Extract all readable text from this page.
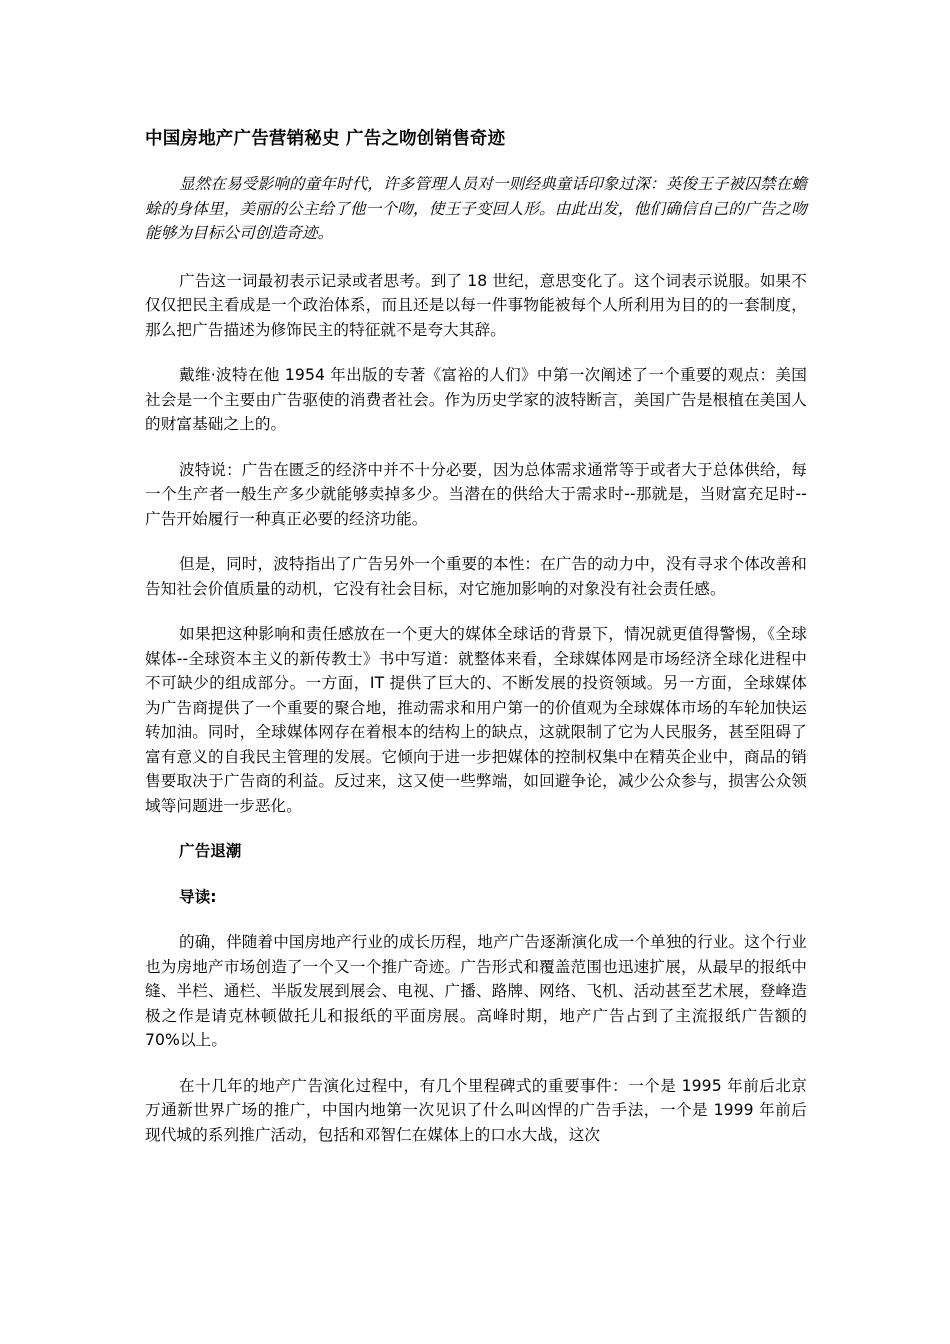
中国房地产广告营销秘史 广告之吻创销售奇迹

显然在易受影响的童年时代，许多管理人员对一则经典童话印象过深：英俊王子被囚禁在蟾蜍的身体里，美丽的公主给了他一个吻，使王子变回人形。由此出发，他们确信自己的广告之吻能够为目标公司创造奇迹。

广告这一词最初表示记录或者思考。到了 18 世纪，意思变化了。这个词表示说服。如果不仅仅把民主看成是一个政治体系，而且还是以每一件事物能被每个人所利用为目的的一套制度，那么把广告描述为修饰民主的特征就不是夸大其辞。

戴维·波特在他 1954 年出版的专著《富裕的人们》中第一次阐述了一个重要的观点：美国社会是一个主要由广告驱使的消费者社会。作为历史学家的波特断言，美国广告是根植在美国人的财富基础之上的。

波特说：广告在匮乏的经济中并不十分必要，因为总体需求通常等于或者大于总体供给，每一个生产者一般生产多少就能够卖掉多少。当潜在的供给大于需求时--那就是，当财富充足时--广告开始履行一种真正必要的经济功能。

但是，同时，波特指出了广告另外一个重要的本性：在广告的动力中，没有寻求个体改善和告知社会价值质量的动机，它没有社会目标，对它施加影响的对象没有社会责任感。

如果把这种影响和责任感放在一个更大的媒体全球话的背景下，情况就更值得警惕，《全球媒体--全球资本主义的新传教士》书中写道：就整体来看，全球媒体网是市场经济全球化进程中不可缺少的组成部分。一方面，IT 提供了巨大的、不断发展的投资领域。另一方面，全球媒体为广告商提供了一个重要的聚合地，推动需求和用户第一的价值观为全球媒体市场的车轮加快运转加油。同时，全球媒体网存在着根本的结构上的缺点，这就限制了它为人民服务，甚至阻碍了富有意义的自我民主管理的发展。它倾向于进一步把媒体的控制权集中在精英企业中，商品的销售要取决于广告商的利益。反过来，这又使一些弊端，如回避争论，减少公众参与，损害公众领域等问题进一步恶化。

广告退潮
导读:

的确，伴随着中国房地产行业的成长历程，地产广告逐渐演化成一个单独的行业。这个行业也为房地产市场创造了一个又一个推广奇迹。广告形式和覆盖范围也迅速扩展，从最早的报纸中缝、半栏、通栏、半版发展到展会、电视、广播、路牌、网络、飞机、活动甚至艺术展，登峰造极之作是请克林顿做托儿和报纸的平面房展。高峰时期，地产广告占到了主流报纸广告额的 70%以上。

在十几年的地产广告演化过程中，有几个里程碑式的重要事件：一个是 1995 年前后北京万通新世界广场的推广，中国内地第一次见识了什么叫凶悍的广告手法，一个是 1999 年前后现代城的系列推广活动，包括和邓智仁在媒体上的口水大战，这次
